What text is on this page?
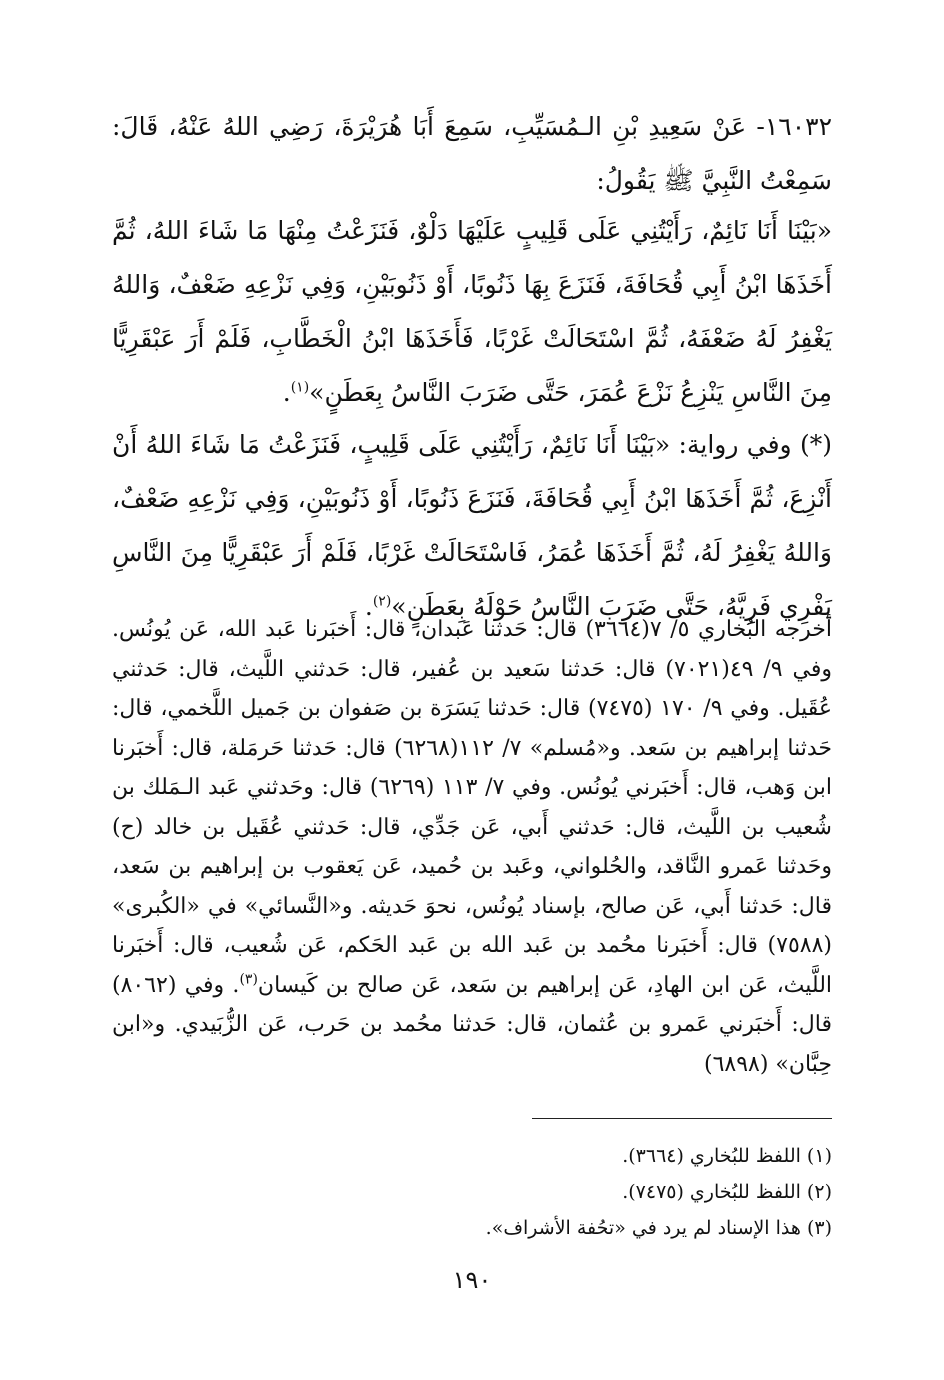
١٦٠٣٢- عَنْ سَعِيدِ بْنِ الـمُسَيِّبِ، سَمِعَ أَبَا هُرَيْرَةَ، رَضِي اللهُ عَنْهُ، قَالَ: سَمِعْتُ النَّبِيَّ ﷺ يَقُولُ:

«بَيْنَا أَنَا نَائِمٌ، رَأَيْتُنِي عَلَى قَلِيبٍ عَلَيْهَا دَلْوٌ، فَنَزَعْتُ مِنْهَا مَا شَاءَ اللهُ، ثُمَّ أَخَذَهَا ابْنُ أَبِي قُحَافَةَ، فَنَزَعَ بِهَا ذَنُوبًا، أَوْ ذَنُوبَيْنِ، وَفِي نَزْعِهِ ضَعْفٌ، وَاللهُ يَغْفِرُ لَهُ ضَعْفَهُ، ثُمَّ اسْتَحَالَتْ غَرْبًا، فَأَخَذَهَا ابْنُ الْخَطَّابِ، فَلَمْ أَرَ عَبْقَرِيًّا مِنَ النَّاسِ يَنْزِعُ نَزْعَ عُمَرَ، حَتَّى ضَرَبَ النَّاسُ بِعَطَنٍ»$^{(١)}$.

(*) وفي رواية: «بَيْنَا أَنَا نَائِمٌ، رَأَيْتُنِي عَلَى قَلِيبٍ، فَنَزَعْتُ مَا شَاءَ اللهُ أَنْ أَنْزِعَ، ثُمَّ أَخَذَهَا ابْنُ أَبِي قُحَافَةَ، فَنَزَعَ ذَنُوبًا، أَوْ ذَنُوبَيْنِ، وَفِي نَزْعِهِ ضَعْفٌ، وَاللهُ يَغْفِرُ لَهُ، ثُمَّ أَخَذَهَا عُمَرُ، فَاسْتَحَالَتْ غَرْبًا، فَلَمْ أَرَ عَبْقَرِيًّا مِنَ النَّاسِ يَفْرِي فَرِيَّهُ، حَتَّى ضَرَبَ النَّاسُ حَوْلَهُ بِعَطَنٍ»$^{(٢)}$.

أخرجه البُخاري ٥/ ٧(٣٦٦٤) قال: حَدثنا عَبدان، قال: أَخبَرنا عَبد الله، عَن يُونُس. وفي ٩/ ٤٩(٧٠٢١) قال: حَدثنا سَعيد بن عُفير، قال: حَدثني اللَّيث، قال: حَدثني عُقَيل. وفي ٩/ ١٧٠ (٧٤٧٥) قال: حَدثنا يَسَرَة بن صَفوان بن جَميل اللَّخمي، قال: حَدثنا إبراهيم بن سَعد. و«مُسلم» ٧/ ١١٢(٦٢٦٨) قال: حَدثنا حَرمَلة، قال: أَخبَرنا ابن وَهب، قال: أَخبَرني يُونُس. وفي ٧/ ١١٣ (٦٢٦٩) قال: وحَدثني عَبد الـمَلك بن شُعيب بن اللَّيث، قال: حَدثني أَبي، عَن جَدِّي، قال: حَدثني عُقَيل بن خالد (ح) وحَدثنا عَمرو النَّاقد، والحُلواني، وعَبد بن حُميد، عَن يَعقوب بن إبراهيم بن سَعد، قال: حَدثنا أَبي، عَن صالح، بإسناد يُونُس، نحوَ حَديثه. و«النَّسائي» في «الكُبرى» (٧٥٨٨) قال: أَخبَرنا محُمد بن عَبد الله بن عَبد الحَكم، عَن شُعيب، قال: أَخبَرنا اللَّيث، عَن ابن الهادِ، عَن إبراهيم بن سَعد، عَن صالح بن كَيسان$^{(٣)}$. وفي (٨٠٦٢) قال: أَخبَرني عَمرو بن عُثمان، قال: حَدثنا محُمد بن حَرب، عَن الزُّبَيدي. و«ابن حِبَّان» (٦٨٩٨)

(١) اللفظ للبُخاري (٣٦٦٤).

(٢) اللفظ للبُخاري (٧٤٧٥).

(٣) هذا الإسناد لم يرد في «تحُفة الأشراف».

١٩٠
